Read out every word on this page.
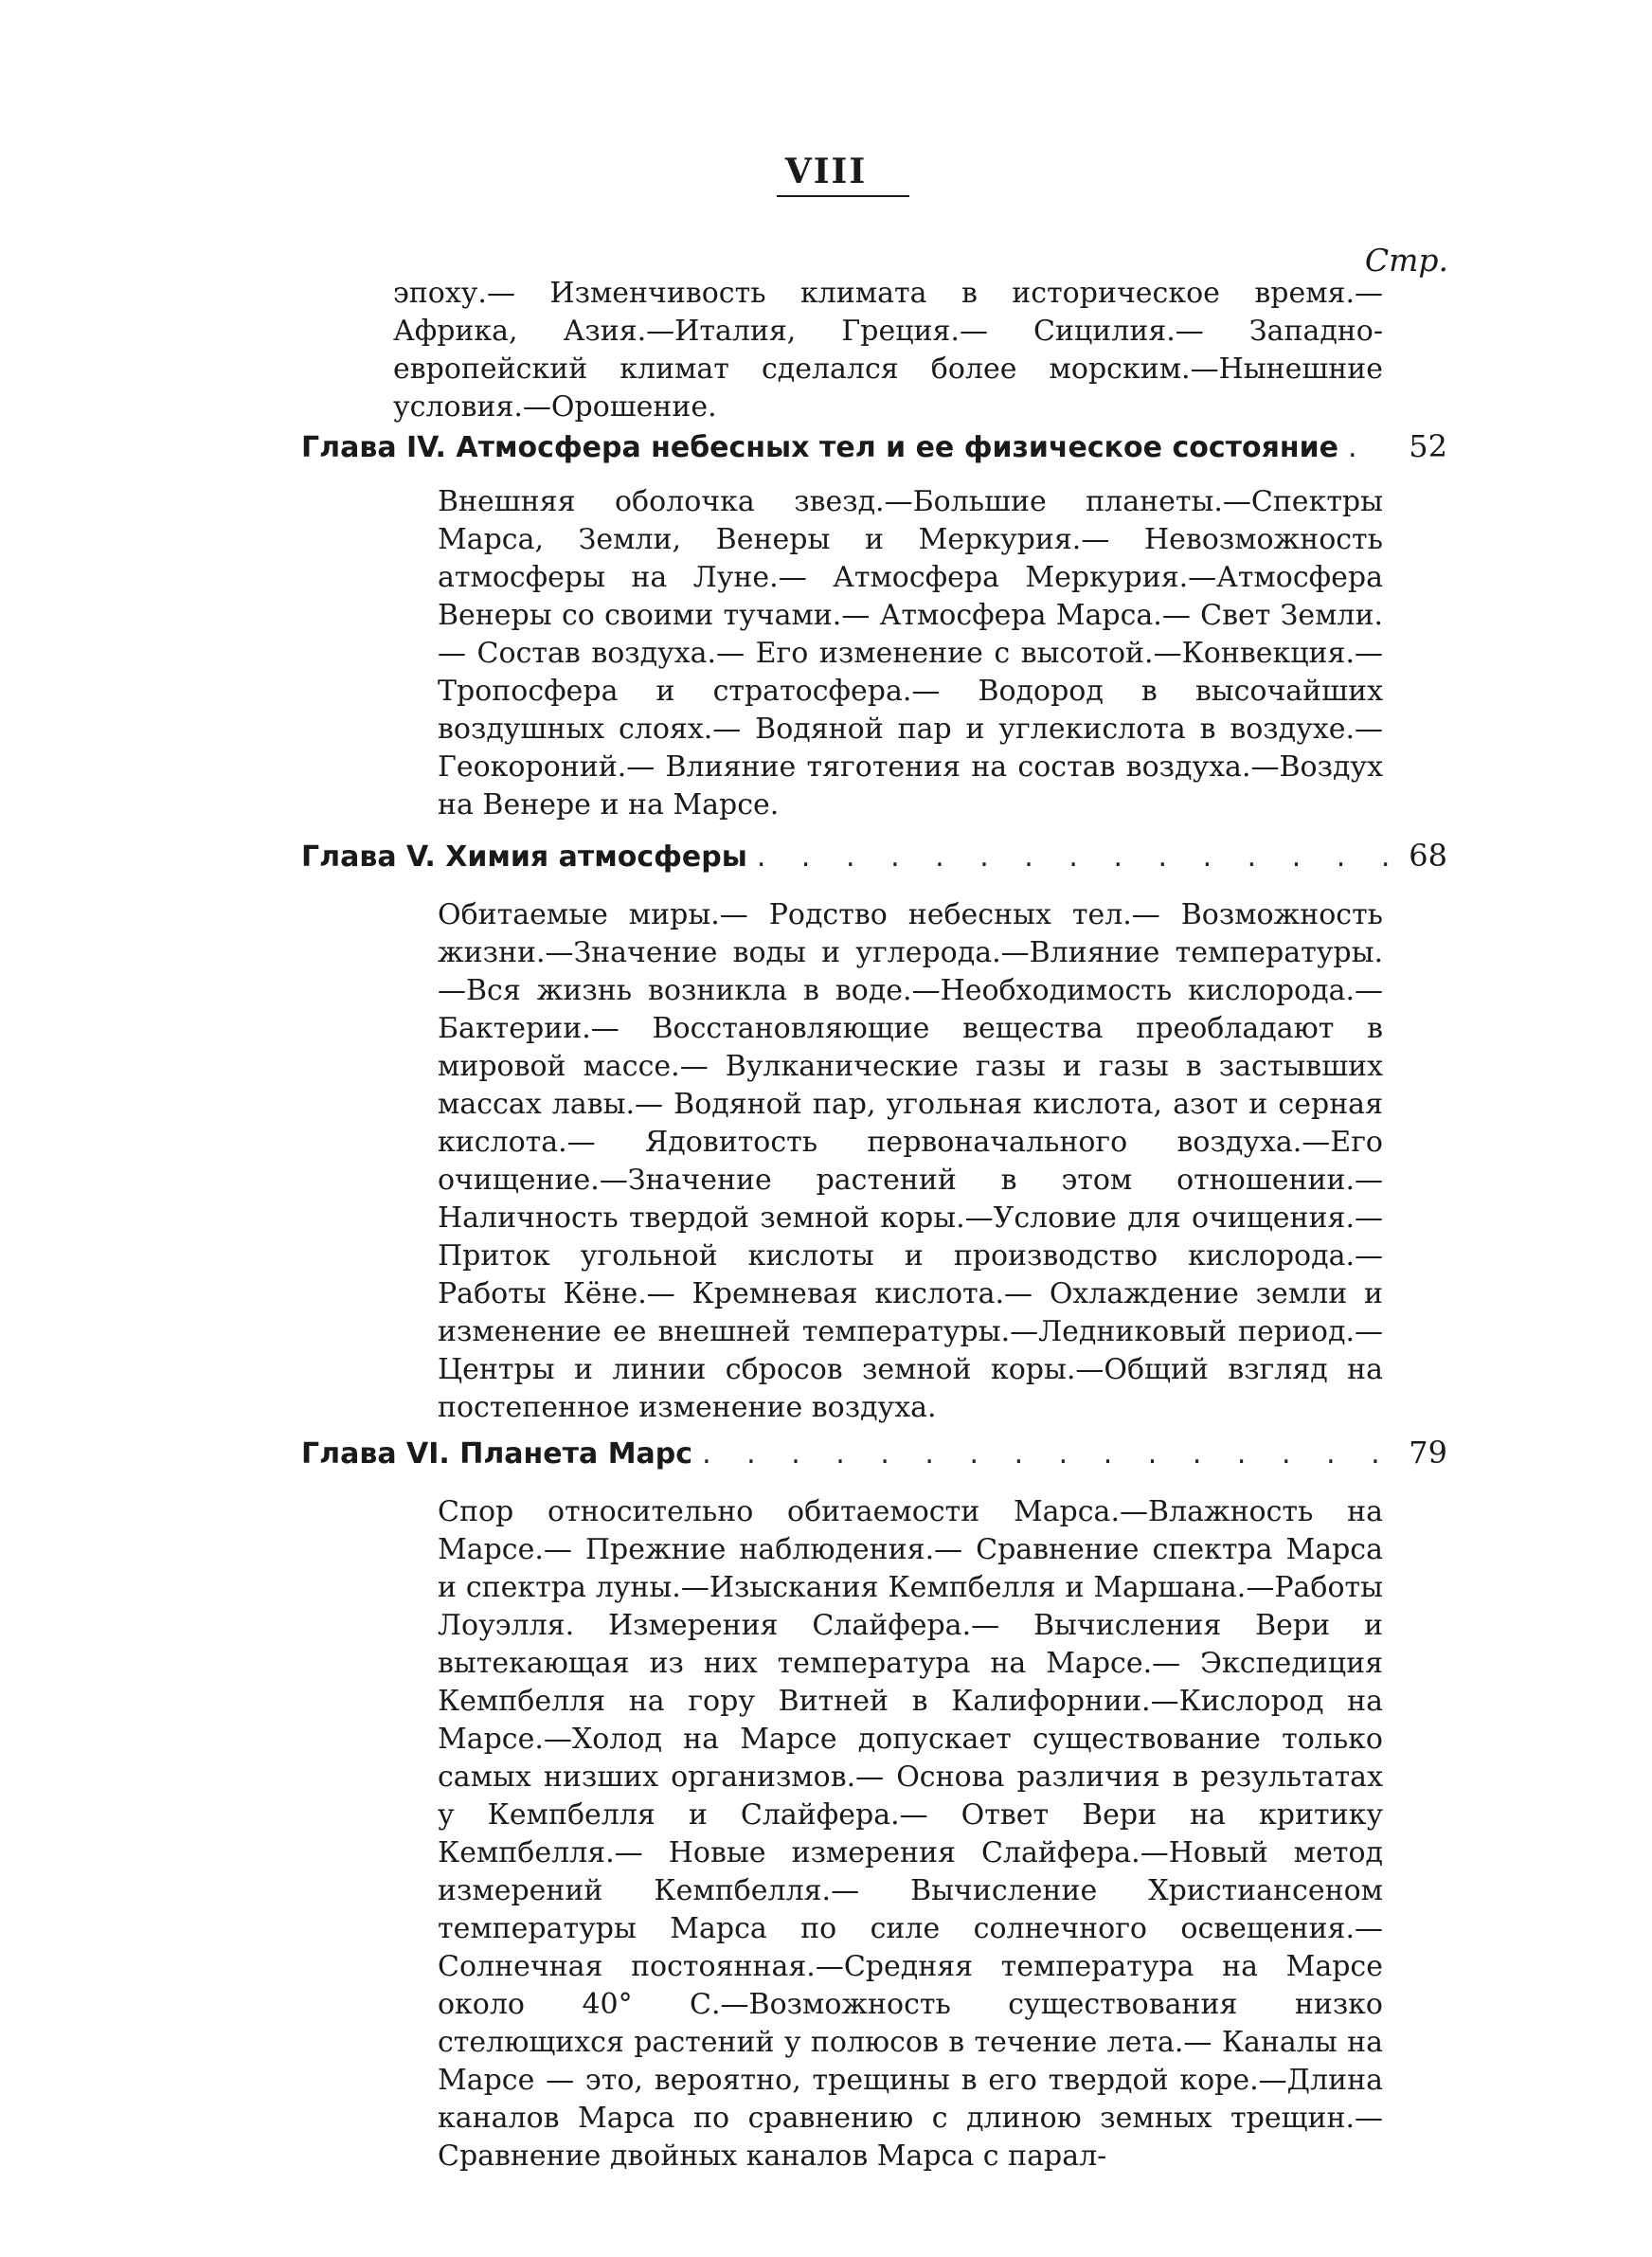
VIII
Стр.

эпоху.— Изменчивость климата в историческое время.— Африка, Азия.—Италия, Греция.— Сицилия.— Западно-европейский климат сделался более морским.—Нынешние условия.—Орошение.

Глава IV. Атмосфера небесных тел и ее физическое состояние . . . 52

Внешняя оболочка звезд.—Большие планеты.—Спектры Марса, Земли, Венеры и Меркурия.— Невозможность атмосферы на Луне.— Атмосфера Меркурия.—Атмосфера Венеры со своими тучами.— Атмосфера Марса.— Свет Земли.— Состав воздуха.— Его изменение с высотой.—Конвекция.—Тропосфера и стратосфера.— Водород в высочайших воздушных слоях.— Водяной пар и углекислота в воздухе.— Геокороний.— Влияние тяготения на состав воздуха.—Воздух на Венере и на Марсе.

Глава V. Химия атмосферы . . .	68

Обитаемые миры.— Родство небесных тел.— Возможность жизни.—Значение воды и углерода.—Влияние температуры.—Вся жизнь возникла в воде.—Необходимость кислорода.— Бактерии.— Восстановляющие вещества преобладают в мировой массе.— Вулканические газы и газы в застывших массах лавы.— Водяной пар, угольная кислота, азот и серная кислота.— Ядовитость первоначального воздуха.—Его очищение.—Значение растений в этом отношении.—Наличность твердой земной коры.—Условие для очищения.— Приток угольной кислоты и производство кислорода.— Работы Кёне.— Кремневая кислота.— Охлаждение земли и изменение ее внешней температуры.—Ледниковый период.—Центры и линии сбросов земной коры.—Общий взгляд на постепенное изменение воздуха.

Глава VI. Планета Марс . . .	79

Спор относительно обитаемости Марса.—Влажность на Марсе.— Прежние наблюдения.— Сравнение спектра Марса и спектра луны.—Изыскания Кемпбелля и Маршана.—Работы Лоуэлля. Измерения Слайфера.— Вычисления Вери и вытекающая из них температура на Марсе.— Экспедиция Кемпбелля на гору Витней в Калифорнии.—Кислород на Марсе.—Холод на Марсе допускает существование только самых низших организмов.— Основа различия в результатах у Кемпбелля и Слайфера.— Ответ Вери на критику Кемпбелля.— Новые измерения Слайфера.—Новый метод измерений Кемпбелля.— Вычисление Христиансеном температуры Марса по силе солнечного освещения.— Солнечная постоянная.—Средняя температура на Марсе около 40° С.—Возможность существования низко стелющихся растений у полюсов в течение лета.— Каналы на Марсе — это, вероятно, трещины в его твердой коре.—Длина каналов Марса по сравнению с длиною земных трещин.— Сравнение двойных каналов Марса с парал-
